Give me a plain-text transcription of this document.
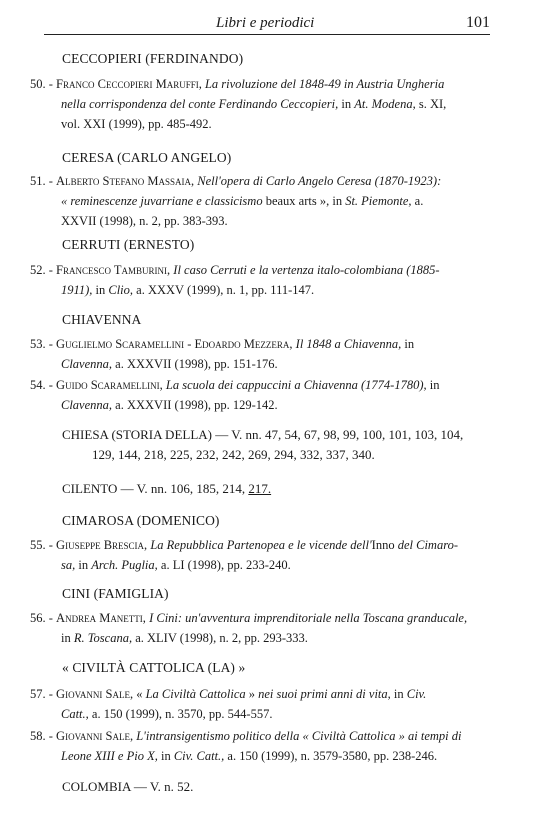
Libri e periodici	101
CECCOPIERI (FERDINANDO)
50. - Franco Ceccopieri Maruffi, La rivoluzione del 1848-49 in Austria Ungheria
nella corrispondenza del conte Ferdinando Ceccopieri, in At. Modena, s. XI,
vol. XXI (1999), pp. 485-492.
CERESA (CARLO ANGELO)
51. - Alberto Stefano Massaia, Nell'opera di Carlo Angelo Ceresa (1870-1923):
« reminescenze juvarriane e classicismo beaux arts », in St. Piemonte, a.
XXVII (1998), n. 2, pp. 383-393.
CERRUTI (ERNESTO)
52. - Francesco Tamburini, Il caso Cerruti e la vertenza italo-colombiana (1885-
1911), in Clio, a. XXXV (1999), n. 1, pp. 111-147.
CHIAVENNA
53. - Guglielmo Scaramellini - Edoardo Mezzera, Il 1848 a Chiavenna, in
Clavenna, a. XXXVII (1998), pp. 151-176.
54. - Guido Scaramellini, La scuola dei cappuccini a Chiavenna (1774-1780), in
Clavenna, a. XXXVII (1998), pp. 129-142.
CHIESA (STORIA DELLA) — V. nn. 47, 54, 67, 98, 99, 100, 101, 103, 104,
129, 144, 218, 225, 232, 242, 269, 294, 332, 337, 340.
CILENTO — V. nn. 106, 185, 214, 217.
CIMAROSA (DOMENICO)
55. - Giuseppe Brescia, La Repubblica Partenopea e le vicende dell'Inno del Cimaro-
sa, in Arch. Puglia, a. LI (1998), pp. 233-240.
CINI (FAMIGLIA)
56. - Andrea Manetti, I Cini: un'avventura imprenditoriale nella Toscana granducale,
in R. Toscana, a. XLIV (1998), n. 2, pp. 293-333.
« CIVILTÀ CATTOLICA (LA) »
57. - Giovanni Sale, « La Civiltà Cattolica » nei suoi primi anni di vita, in Civ.
Catt., a. 150 (1999), n. 3570, pp. 544-557.
58. - Giovanni Sale, L'intransigentismo politico della « Civiltà Cattolica » ai tempi di
Leone XIII e Pio X, in Civ. Catt., a. 150 (1999), n. 3579-3580, pp. 238-246.
COLOMBIA — V. n. 52.
